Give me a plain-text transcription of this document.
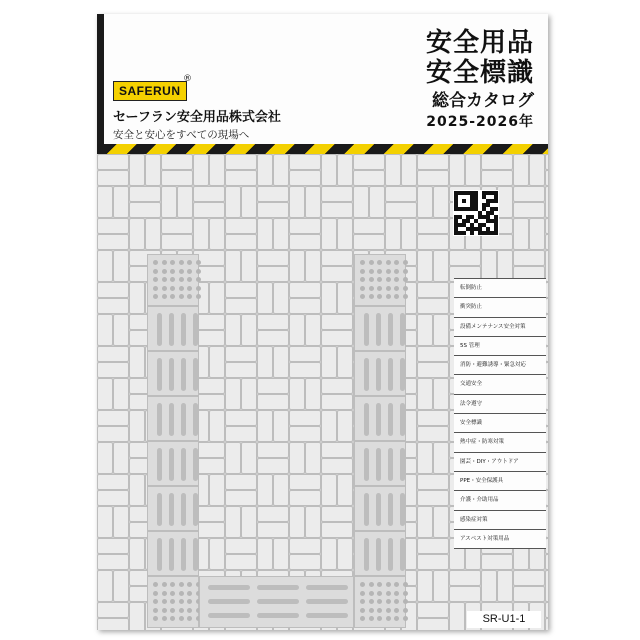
SAFERUN
®
セーフラン安全用品株式会社
安全と安心をすべての現場へ
安全用品
安全標識
総合カタログ
2025-2026年
転倒防止
衝突防止
設備メンテナンス安全対策
5S 管理
消防・避難誘導・緊急対応
交通安全
法令遵守
安全標識
熱中症・防寒対策
園芸・DIY・アウトドア
PPE・安全保護具
介護・介助用品
感染症対策
アスベスト対策用品
SR-U1-1
